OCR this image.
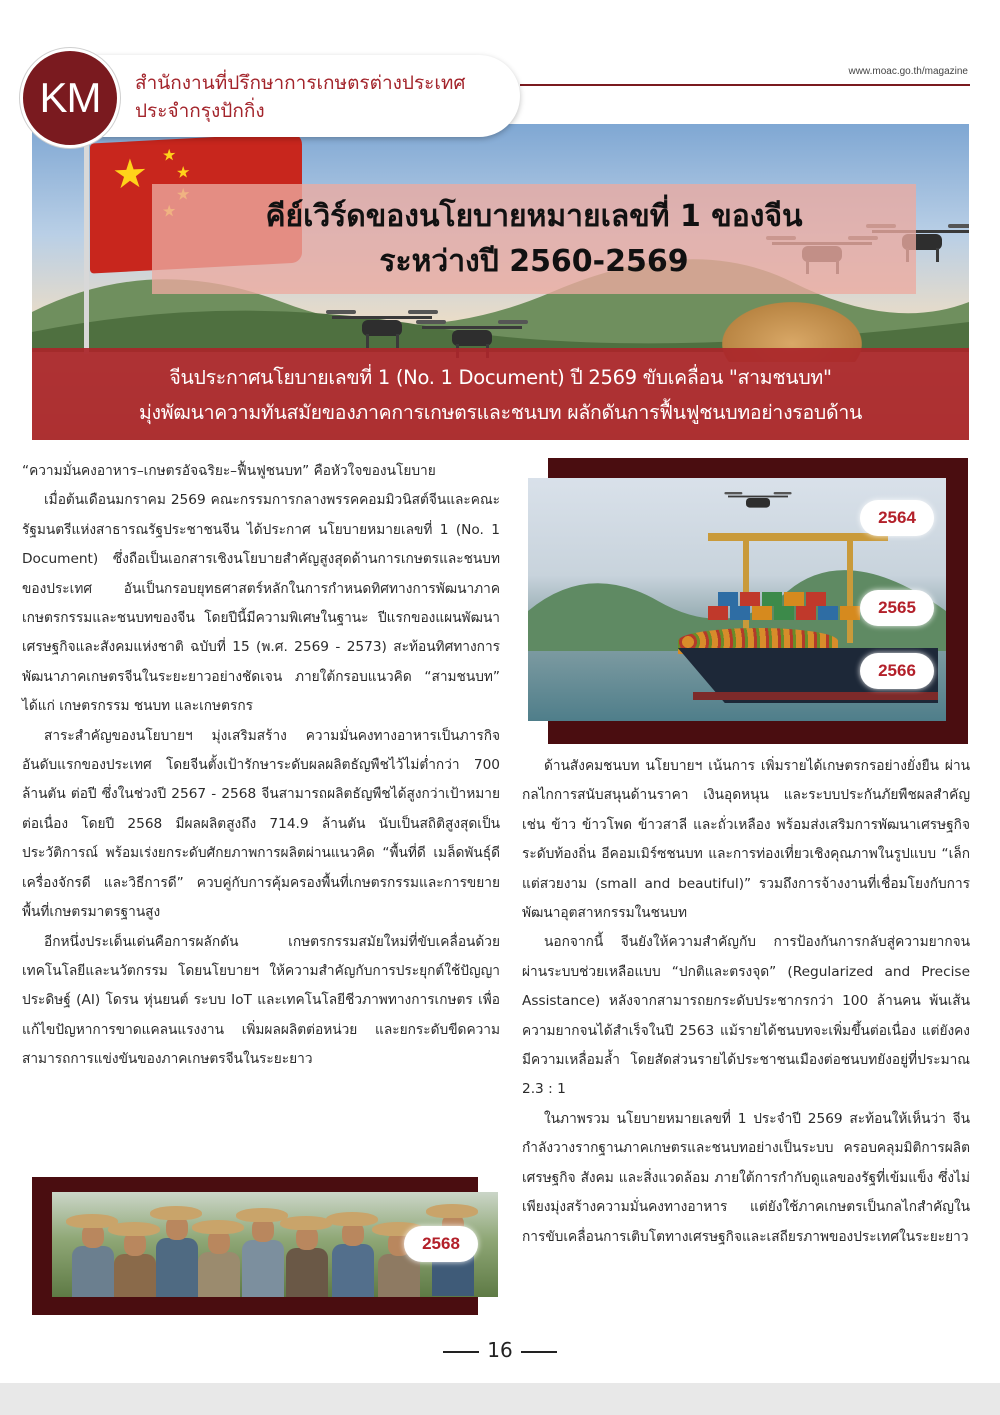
KM	สำนักงานที่ปรึกษาการเกษตรต่างประเทศ
ประจำกรุงปักกิ่ง
www.moac.go.th/magazine
★ ★
★
คีย์เวิร์ดของนโยบายหมายเลขที่ 1 ของจีน
ระหว่างปี 2560-2569
จีนประกาศนโยบายเลขที่ 1 (No. 1 Document) ปี 2569 ขับเคลื่อน "สามชนบท"
มุ่งพัฒนาความทันสมัยของภาคการเกษตรและชนบท ผลักดันการฟื้นฟูชนบทอย่างรอบด้าน

“ความมั่นคงอาหาร–เกษตรอัจฉริยะ–ฟื้นฟูชนบท” คือหัวใจของนโยบาย

เมื่อต้นเดือนมกราคม 2569 คณะกรรมการกลางพรรคคอมมิวนิสต์จีนและคณะรัฐมนตรีแห่งสาธารณรัฐประชาชนจีน ได้ประกาศ นโยบายหมายเลขที่ 1 (No. 1 Document) ซึ่งถือเป็นเอกสารเชิงนโยบายสำคัญสูงสุดด้านการเกษตรและชนบทของประเทศ อันเป็นกรอบยุทธศาสตร์หลักในการกำหนดทิศทางการพัฒนาภาคเกษตรกรรมและชนบทของจีน โดยปีนี้มีความพิเศษในฐานะ ปีแรกของแผนพัฒนาเศรษฐกิจและสังคมแห่งชาติ ฉบับที่ 15 (พ.ศ. 2569 - 2573) สะท้อนทิศทางการพัฒนาภาคเกษตรจีนในระยะยาวอย่างชัดเจน ภายใต้กรอบแนวคิด “สามชนบท” ได้แก่ เกษตรกรรม ชนบท และเกษตรกร

สาระสำคัญของนโยบายฯ มุ่งเสริมสร้าง ความมั่นคงทางอาหารเป็นภารกิจอันดับแรกของประเทศ โดยจีนตั้งเป้ารักษาระดับผลผลิตธัญพืชไว้ไม่ต่ำกว่า 700 ล้านตัน ต่อปี ซึ่งในช่วงปี 2567 - 2568 จีนสามารถผลิตธัญพืชได้สูงกว่าเป้าหมายต่อเนื่อง โดยปี 2568 มีผลผลิตสูงถึง 714.9 ล้านตัน นับเป็นสถิติสูงสุดเป็นประวัติการณ์ พร้อมเร่งยกระดับศักยภาพการผลิตผ่านแนวคิด “พื้นที่ดี เมล็ดพันธุ์ดี เครื่องจักรดี และวิธีการดี” ควบคู่กับการคุ้มครองพื้นที่เกษตรกรรมและการขยายพื้นที่เกษตรมาตรฐานสูง

อีกหนึ่งประเด็นเด่นคือการผลักดัน เกษตรกรรมสมัยใหม่ที่ขับเคลื่อนด้วยเทคโนโลยีและนวัตกรรม โดยนโยบายฯ ให้ความสำคัญกับการประยุกต์ใช้ปัญญาประดิษฐ์ (AI) โดรน หุ่นยนต์ ระบบ IoT และเทคโนโลยีชีวภาพทางการเกษตร เพื่อแก้ไขปัญหาการขาดแคลนแรงงาน เพิ่มผลผลิตต่อหน่วย และยกระดับขีดความสามารถการแข่งขันของภาคเกษตรจีนในระยะยาว

2564
2565
2566

ด้านสังคมชนบท นโยบายฯ เน้นการ เพิ่มรายได้เกษตรกรอย่างยั่งยืน ผ่านกลไกการสนับสนุนด้านราคา เงินอุดหนุน และระบบประกันภัยพืชผลสำคัญ เช่น ข้าว ข้าวโพด ข้าวสาลี และถั่วเหลือง พร้อมส่งเสริมการพัฒนาเศรษฐกิจระดับท้องถิ่น อีคอมเมิร์ซชนบท และการท่องเที่ยวเชิงคุณภาพในรูปแบบ “เล็กแต่สวยงาม (small and beautiful)” รวมถึงการจ้างงานที่เชื่อมโยงกับการพัฒนาอุตสาหกรรมในชนบท

นอกจากนี้ จีนยังให้ความสำคัญกับ การป้องกันการกลับสู่ความยากจน ผ่านระบบช่วยเหลือแบบ “ปกติและตรงจุด” (Regularized and Precise Assistance) หลังจากสามารถยกระดับประชากรกว่า 100 ล้านคน พ้นเส้นความยากจนได้สำเร็จในปี 2563 แม้รายได้ชนบทจะเพิ่มขึ้นต่อเนื่อง แต่ยังคงมีความเหลื่อมล้ำ โดยสัดส่วนรายได้ประชาชนเมืองต่อชนบทยังอยู่ที่ประมาณ 2.3 : 1

ในภาพรวม นโยบายหมายเลขที่ 1 ประจำปี 2569 สะท้อนให้เห็นว่า จีนกำลังวางรากฐานภาคเกษตรและชนบทอย่างเป็นระบบ ครอบคลุมมิติการผลิต เศรษฐกิจ สังคม และสิ่งแวดล้อม ภายใต้การกำกับดูแลของรัฐที่เข้มแข็ง ซึ่งไม่เพียงมุ่งสร้างความมั่นคงทางอาหาร แต่ยังใช้ภาคเกษตรเป็นกลไกสำคัญในการขับเคลื่อนการเติบโตทางเศรษฐกิจและเสถียรภาพของประเทศในระยะยาว

2568
16
